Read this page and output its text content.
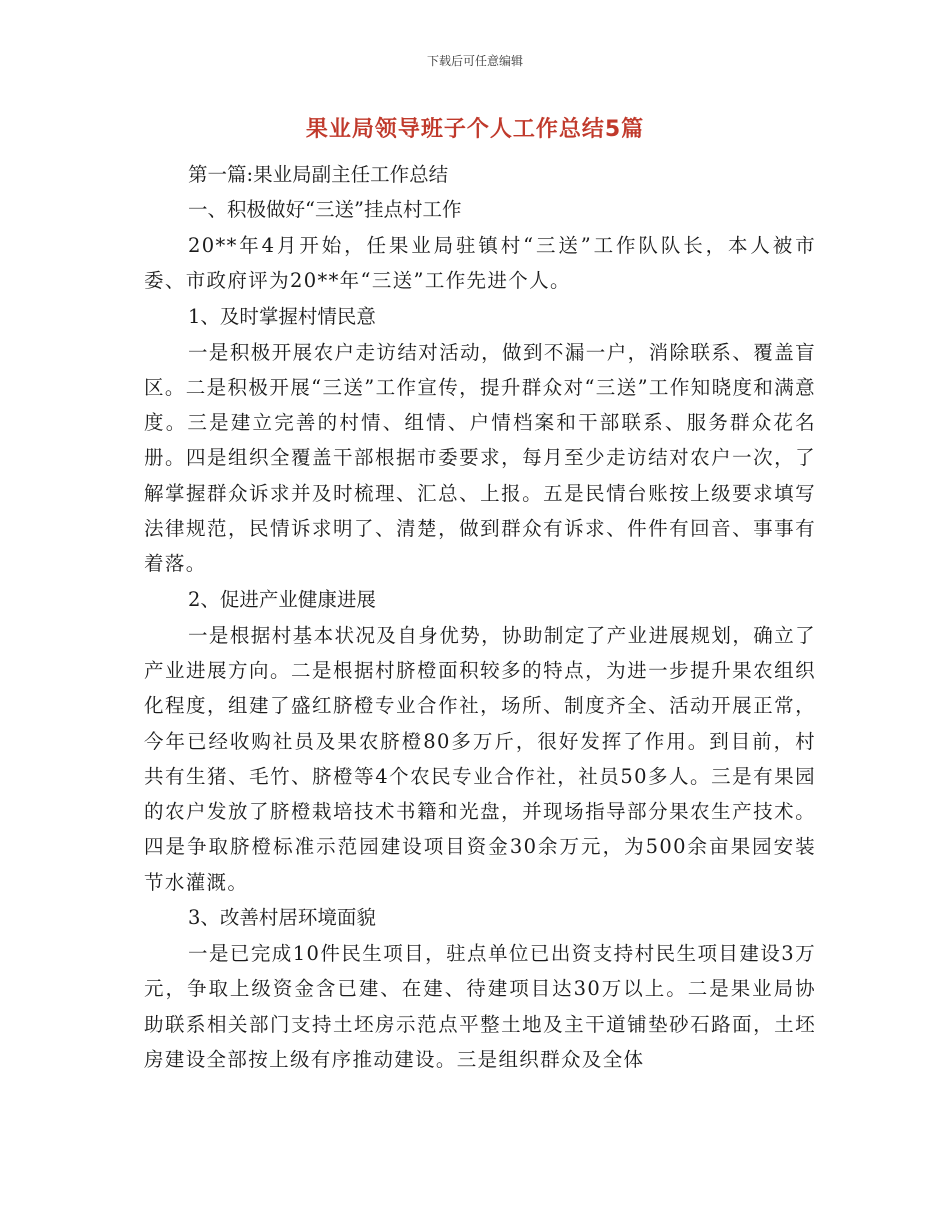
下载后可任意编辑
果业局领导班子个人工作总结5篇
第一篇:果业局副主任工作总结
一、积极做好“三送”挂点村工作
20**年4月开始，任果业局驻镇村“三送”工作队队长，本人被市委、市政府评为20**年“三送”工作先进个人。
1、及时掌握村情民意
一是积极开展农户走访结对活动，做到不漏一户，消除联系、覆盖盲区。二是积极开展“三送”工作宣传，提升群众对“三送”工作知晓度和满意度。三是建立完善的村情、组情、户情档案和干部联系、服务群众花名册。四是组织全覆盖干部根据市委要求，每月至少走访结对农户一次，了解掌握群众诉求并及时梳理、汇总、上报。五是民情台账按上级要求填写法律规范，民情诉求明了、清楚，做到群众有诉求、件件有回音、事事有着落。
2、促进产业健康进展
一是根据村基本状况及自身优势，协助制定了产业进展规划，确立了产业进展方向。二是根据村脐橙面积较多的特点，为进一步提升果农组织化程度，组建了盛红脐橙专业合作社，场所、制度齐全、活动开展正常，今年已经收购社员及果农脐橙80多万斤，很好发挥了作用。到目前，村共有生猪、毛竹、脐橙等4个农民专业合作社，社员50多人。三是有果园的农户发放了脐橙栽培技术书籍和光盘，并现场指导部分果农生产技术。四是争取脐橙标准示范园建设项目资金30余万元，为500余亩果园安装节水灌溉。
3、改善村居环境面貌
一是已完成10件民生项目，驻点单位已出资支持村民生项目建设3万元，争取上级资金含已建、在建、待建项目达30万以上。二是果业局协助联系相关部门支持土坯房示范点平整土地及主干道铺垫砂石路面，土坯房建设全部按上级有序推动建设。三是组织群众及全体
